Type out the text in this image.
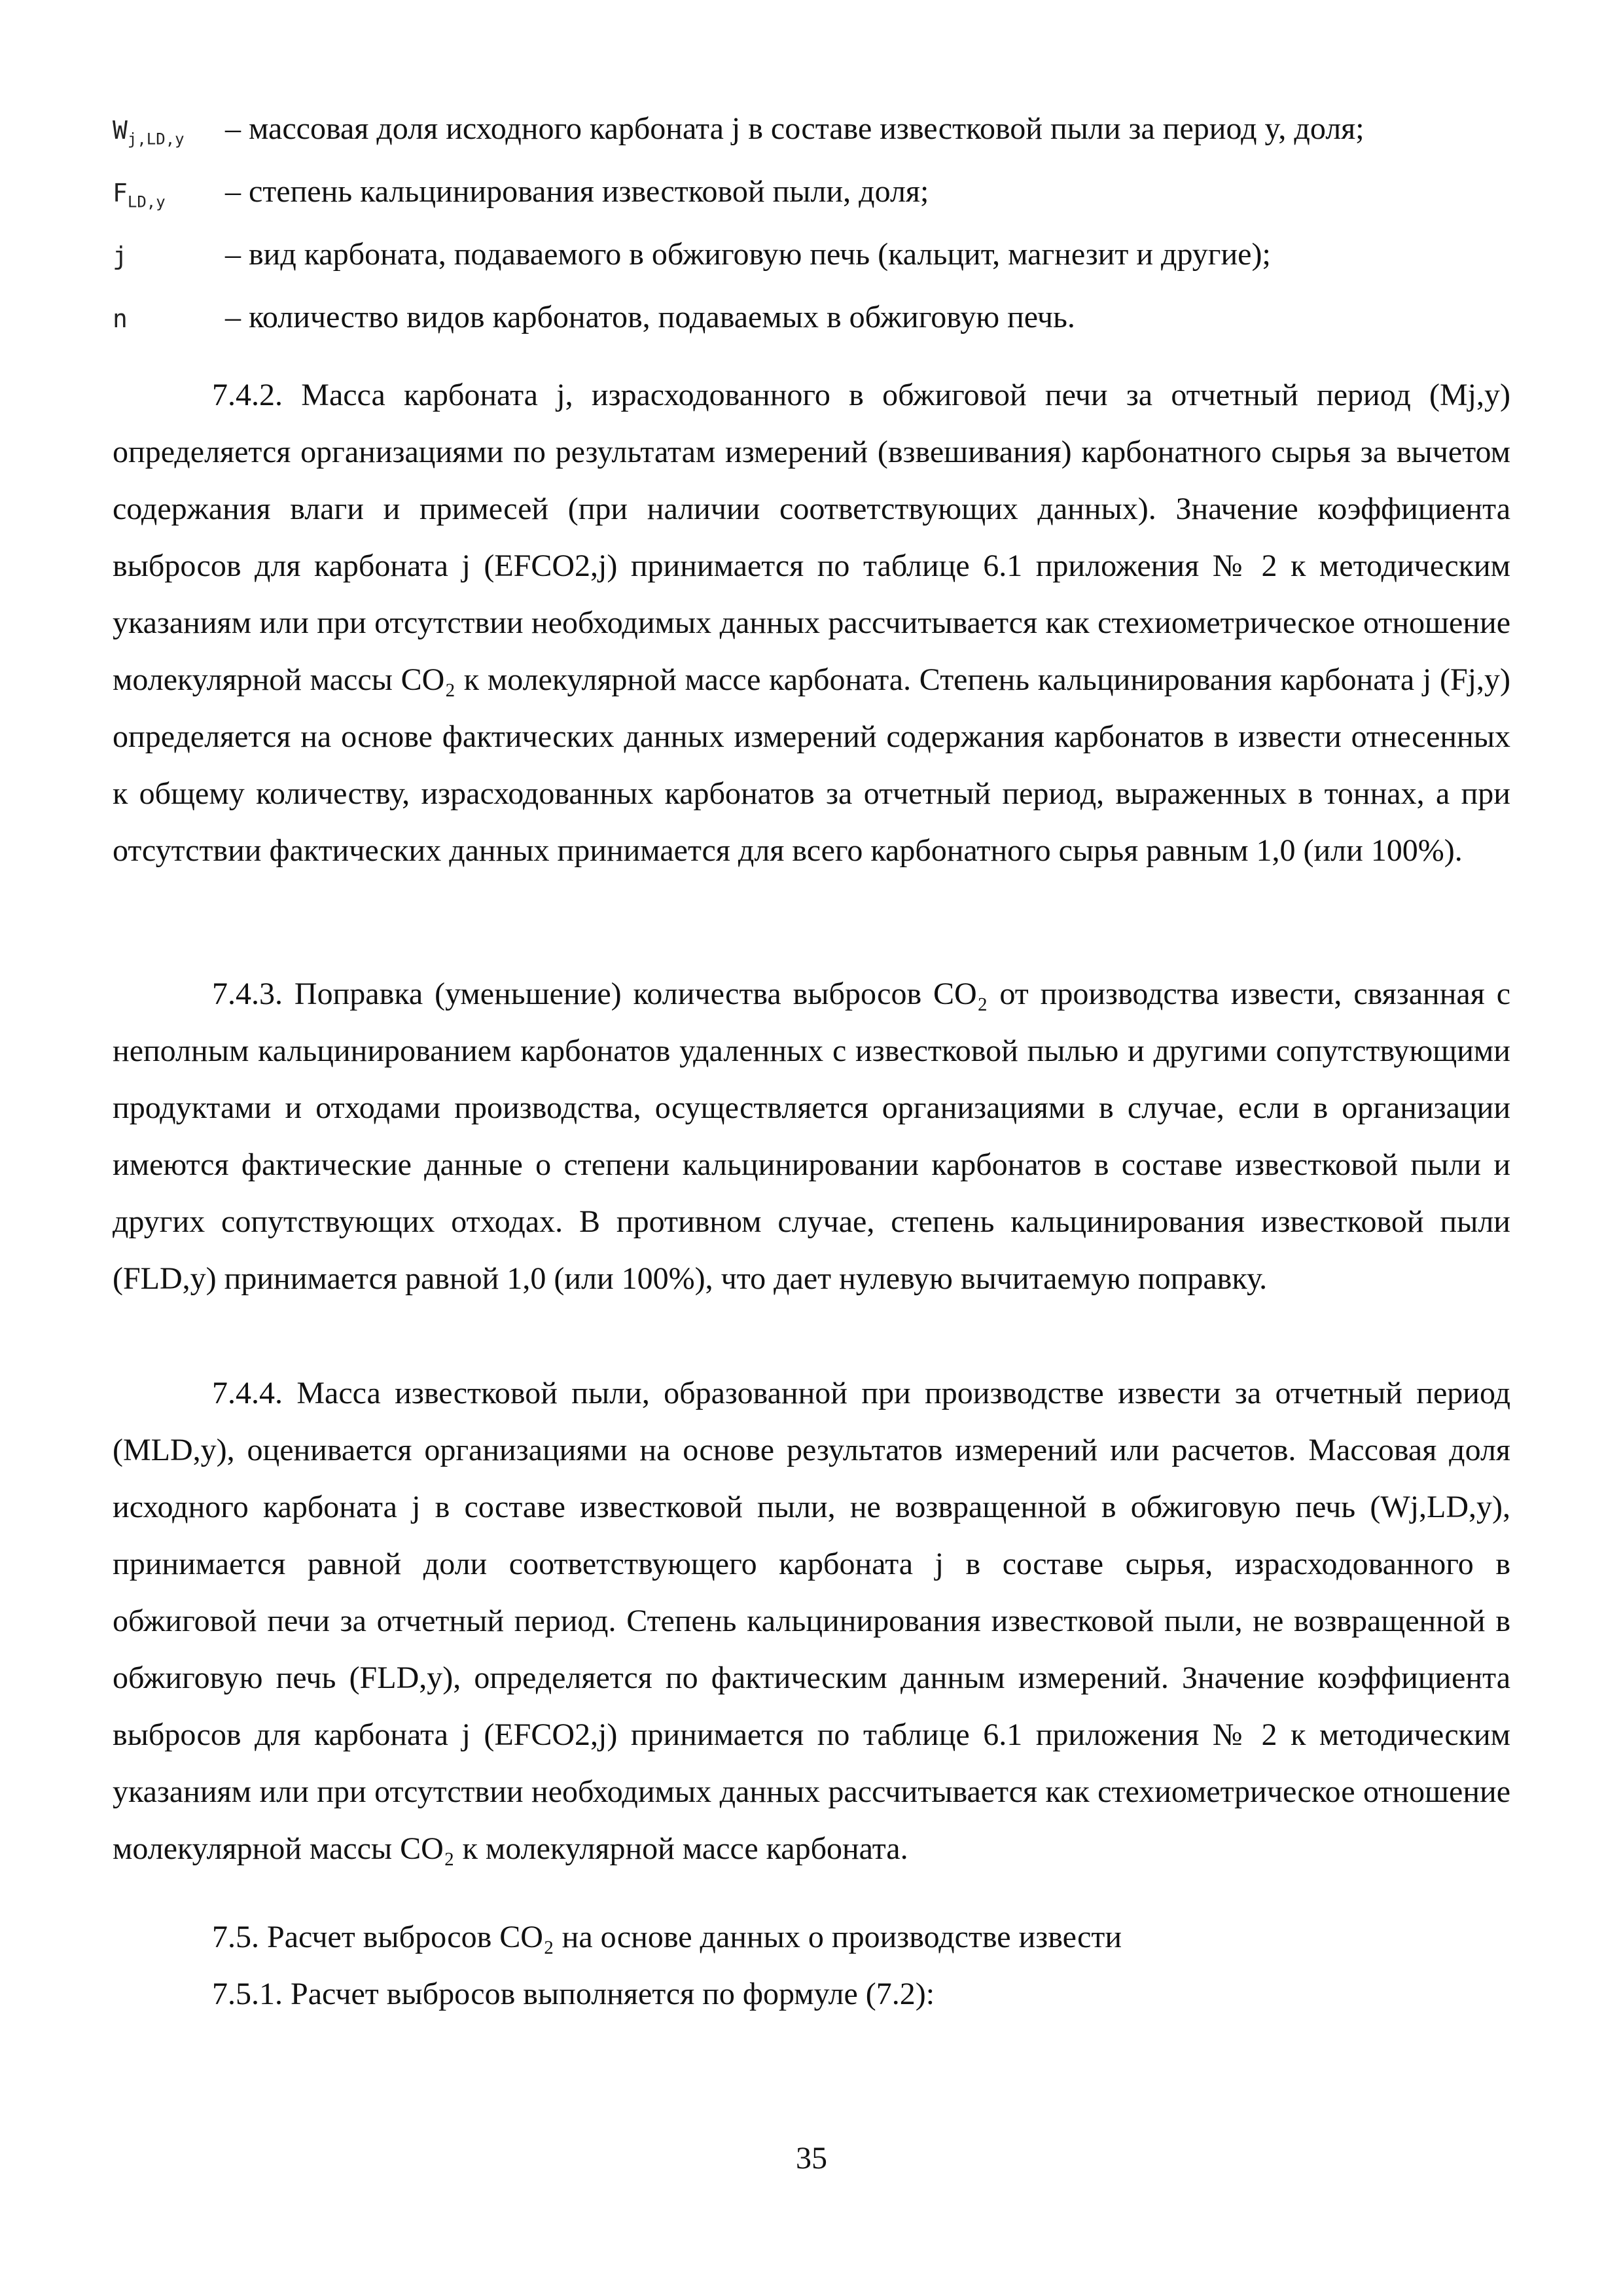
$W_{j,LD,y}$	– массовая доля исходного карбоната j в составе известковой пыли за период y, доля;
$F_{LD,y}$	– степень кальцинирования известковой пыли, доля;
j	– вид карбоната, подаваемого в обжиговую печь (кальцит, магнезит и другие);
n	– количество видов карбонатов, подаваемых в обжиговую печь.

7.4.2. Масса карбоната j, израсходованного в обжиговой печи за отчетный период (Mj,y) определяется организациями по результатам измерений (взвешивания) карбонатного сырья за вычетом содержания влаги и примесей (при наличии соответствующих данных). Значение коэффициента выбросов для карбоната j (EFCO2,j) принимается по таблице 6.1 приложения № 2 к методическим указаниям или при отсутствии необходимых данных рассчитывается как стехиометрическое отношение молекулярной массы CO₂ к молекулярной массе карбоната. Степень кальцинирования карбоната j (Fj,y) определяется на основе фактических данных измерений содержания карбонатов в извести отнесенных к общему количеству, израсходованных карбонатов за отчетный период, выраженных в тоннах, а при отсутствии фактических данных принимается для всего карбонатного сырья равным 1,0 (или 100%).

7.4.3. Поправка (уменьшение) количества выбросов CO₂ от производства извести, связанная с неполным кальцинированием карбонатов удаленных с известковой пылью и другими сопутствующими продуктами и отходами производства, осуществляется организациями в случае, если в организации имеются фактические данные о степени кальцинировании карбонатов в составе известковой пыли и других сопутствующих отходах. В противном случае, степень кальцинирования известковой пыли (FLD,y) принимается равной 1,0 (или 100%), что дает нулевую вычитаемую поправку.

7.4.4. Масса известковой пыли, образованной при производстве извести за отчетный период (MLD,y), оценивается организациями на основе результатов измерений или расчетов. Массовая доля исходного карбоната j в составе известковой пыли, не возвращенной в обжиговую печь (Wj,LD,y), принимается равной доли соответствующего карбоната j в составе сырья, израсходованного в обжиговой печи за отчетный период. Степень кальцинирования известковой пыли, не возвращенной в обжиговую печь (FLD,y), определяется по фактическим данным измерений. Значение коэффициента выбросов для карбоната j (EFCO2,j) принимается по таблице 6.1 приложения № 2 к методическим указаниям или при отсутствии необходимых данных рассчитывается как стехиометрическое отношение молекулярной массы CO₂ к молекулярной массе карбоната.

7.5. Расчет выбросов CO₂ на основе данных о производстве извести

7.5.1. Расчет выбросов выполняется по формуле (7.2):

35
